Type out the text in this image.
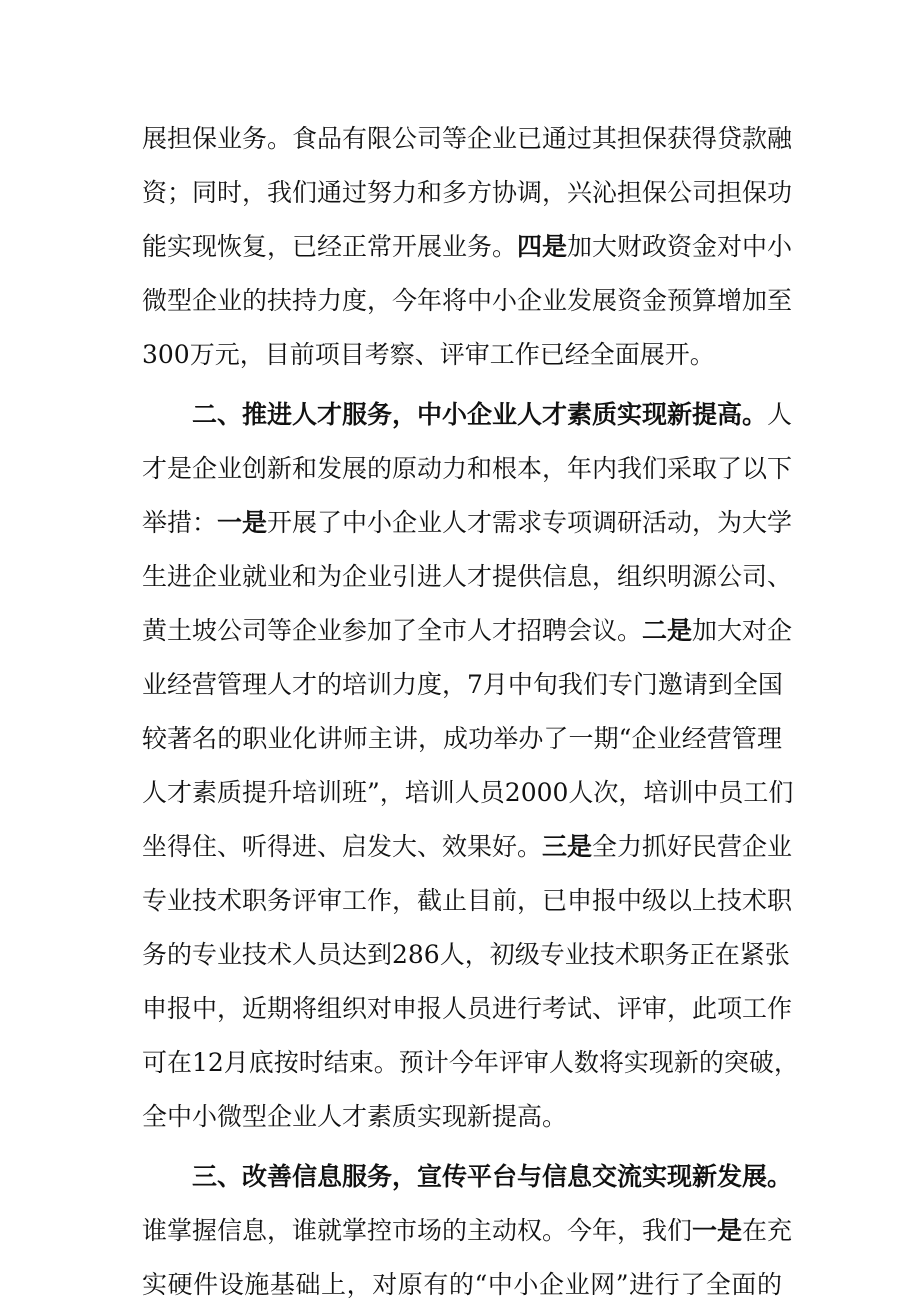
展担保业务。食品有限公司等企业已通过其担保获得贷款融
资；同时，我们通过努力和多方协调，兴沁担保公司担保功
能实现恢复，已经正常开展业务。四是加大财政资金对中小
微型企业的扶持力度，今年将中小企业发展资金预算增加至
300万元，目前项目考察、评审工作已经全面展开。
二、推进人才服务，中小企业人才素质实现新提高。人
才是企业创新和发展的原动力和根本，年内我们采取了以下
举措：一是开展了中小企业人才需求专项调研活动，为大学
生进企业就业和为企业引进人才提供信息，组织明源公司、
黄土坡公司等企业参加了全市人才招聘会议。二是加大对企
业经营管理人才的培训力度，7月中旬我们专门邀请到全国
较著名的职业化讲师主讲，成功举办了一期“企业经营管理
人才素质提升培训班”，培训人员2000人次，培训中员工们
坐得住、听得进、启发大、效果好。三是全力抓好民营企业
专业技术职务评审工作，截止目前，已申报中级以上技术职
务的专业技术人员达到286人，初级专业技术职务正在紧张
申报中，近期将组织对申报人员进行考试、评审，此项工作
可在12月底按时结束。预计今年评审人数将实现新的突破，
全中小微型企业人才素质实现新提高。
三、改善信息服务，宣传平台与信息交流实现新发展。
谁掌握信息，谁就掌控市场的主动权。今年，我们一是在充
实硬件设施基础上，对原有的“中小企业网”进行了全面的
